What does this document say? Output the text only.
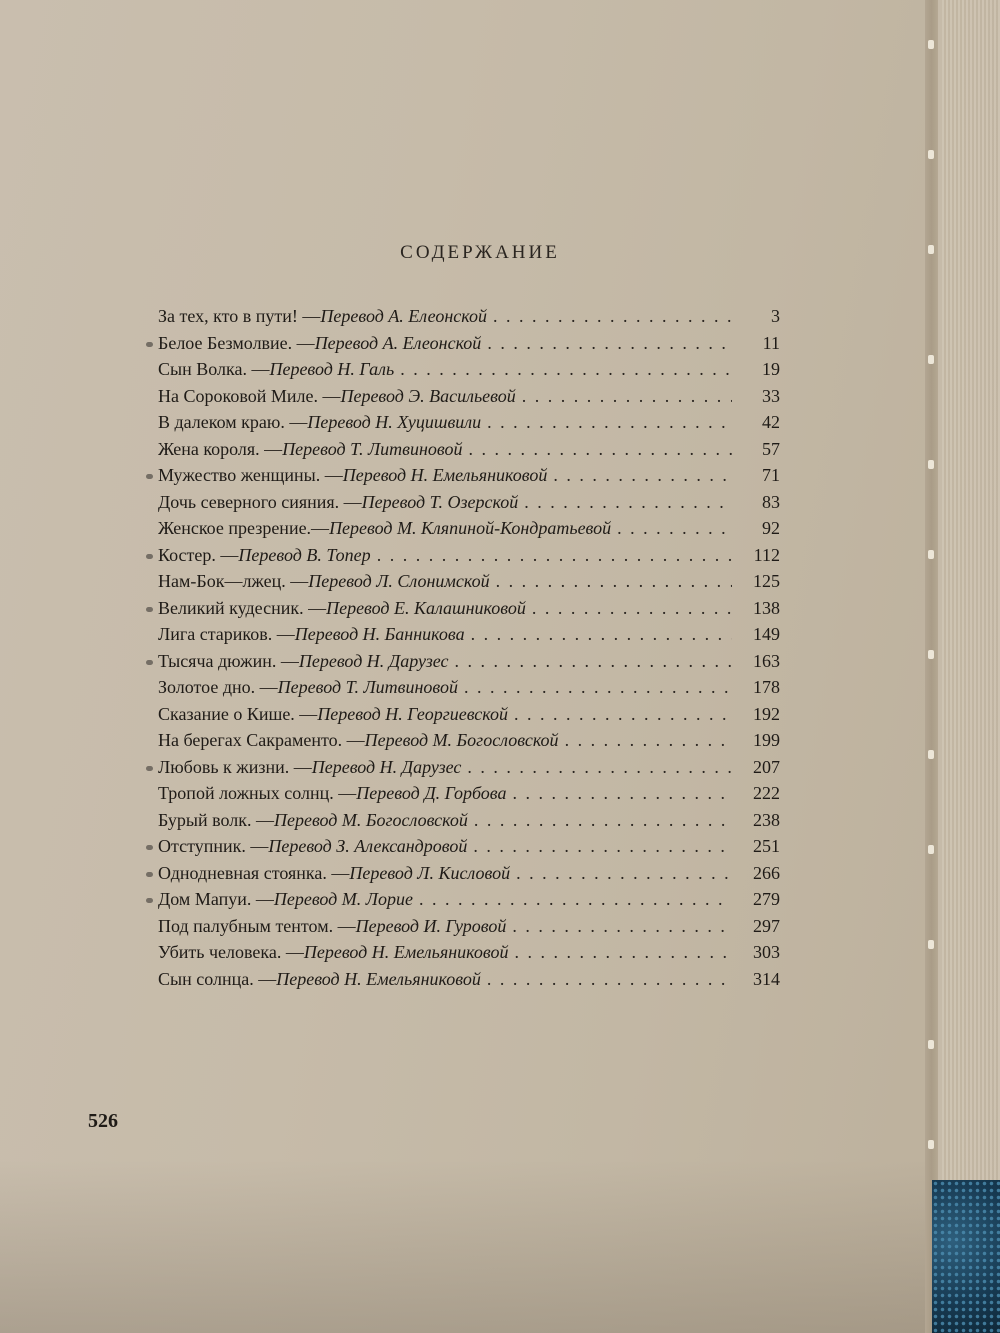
СОДЕРЖАНИЕ
За тех, кто в пути! — Перевод А. Елеонской . . .	3
Белое Безмолвие. — Перевод А. Елеонской . . .	11
Сын Волка. — Перевод Н. Галь . . .	19
На Сороковой Миле. — Перевод Э. Васильевой . . .	33
В далеком краю. — Перевод Н. Хуцишвили . . .	42
Жена короля. — Перевод Т. Литвиновой . . .	57
Мужество женщины. — Перевод Н. Емельяниковой . . .	71
Дочь северного сияния. — Перевод Т. Озерской . . .	83
Женское презрение.— Перевод М. Кляпиной-Кондратьевой . . .	92
Костер. — Перевод В. Топер . . .	112
Нам-Бок—лжец. — Перевод Л. Слонимской . . .	125
Великий кудесник. — Перевод Е. Калашниковой . . .	138
Лига стариков. — Перевод Н. Банникова . . .	149
Тысяча дюжин. — Перевод Н. Дарузес . . .	163
Золотое дно. — Перевод Т. Литвиновой . . .	178
Сказание о Кише. — Перевод Н. Георгиевской . . .	192
На берегах Сакраменто. — Перевод М. Богословской . . .	199
Любовь к жизни. — Перевод Н. Дарузес . . .	207
Тропой ложных солнц. — Перевод Д. Горбова . . .	222
Бурый волк. — Перевод М. Богословской . . .	238
Отступник. — Перевод З. Александровой . . .	251
Однодневная стоянка. — Перевод Л. Кисловой . . .	266
Дом Мапуи. — Перевод М. Лорие . . .	279
Под палубным тентом. — Перевод И. Гуровой . . .	297
Убить человека. — Перевод Н. Емельяниковой . . .	303
Сын солнца. — Перевод Н. Емельяниковой . . .	314
526
